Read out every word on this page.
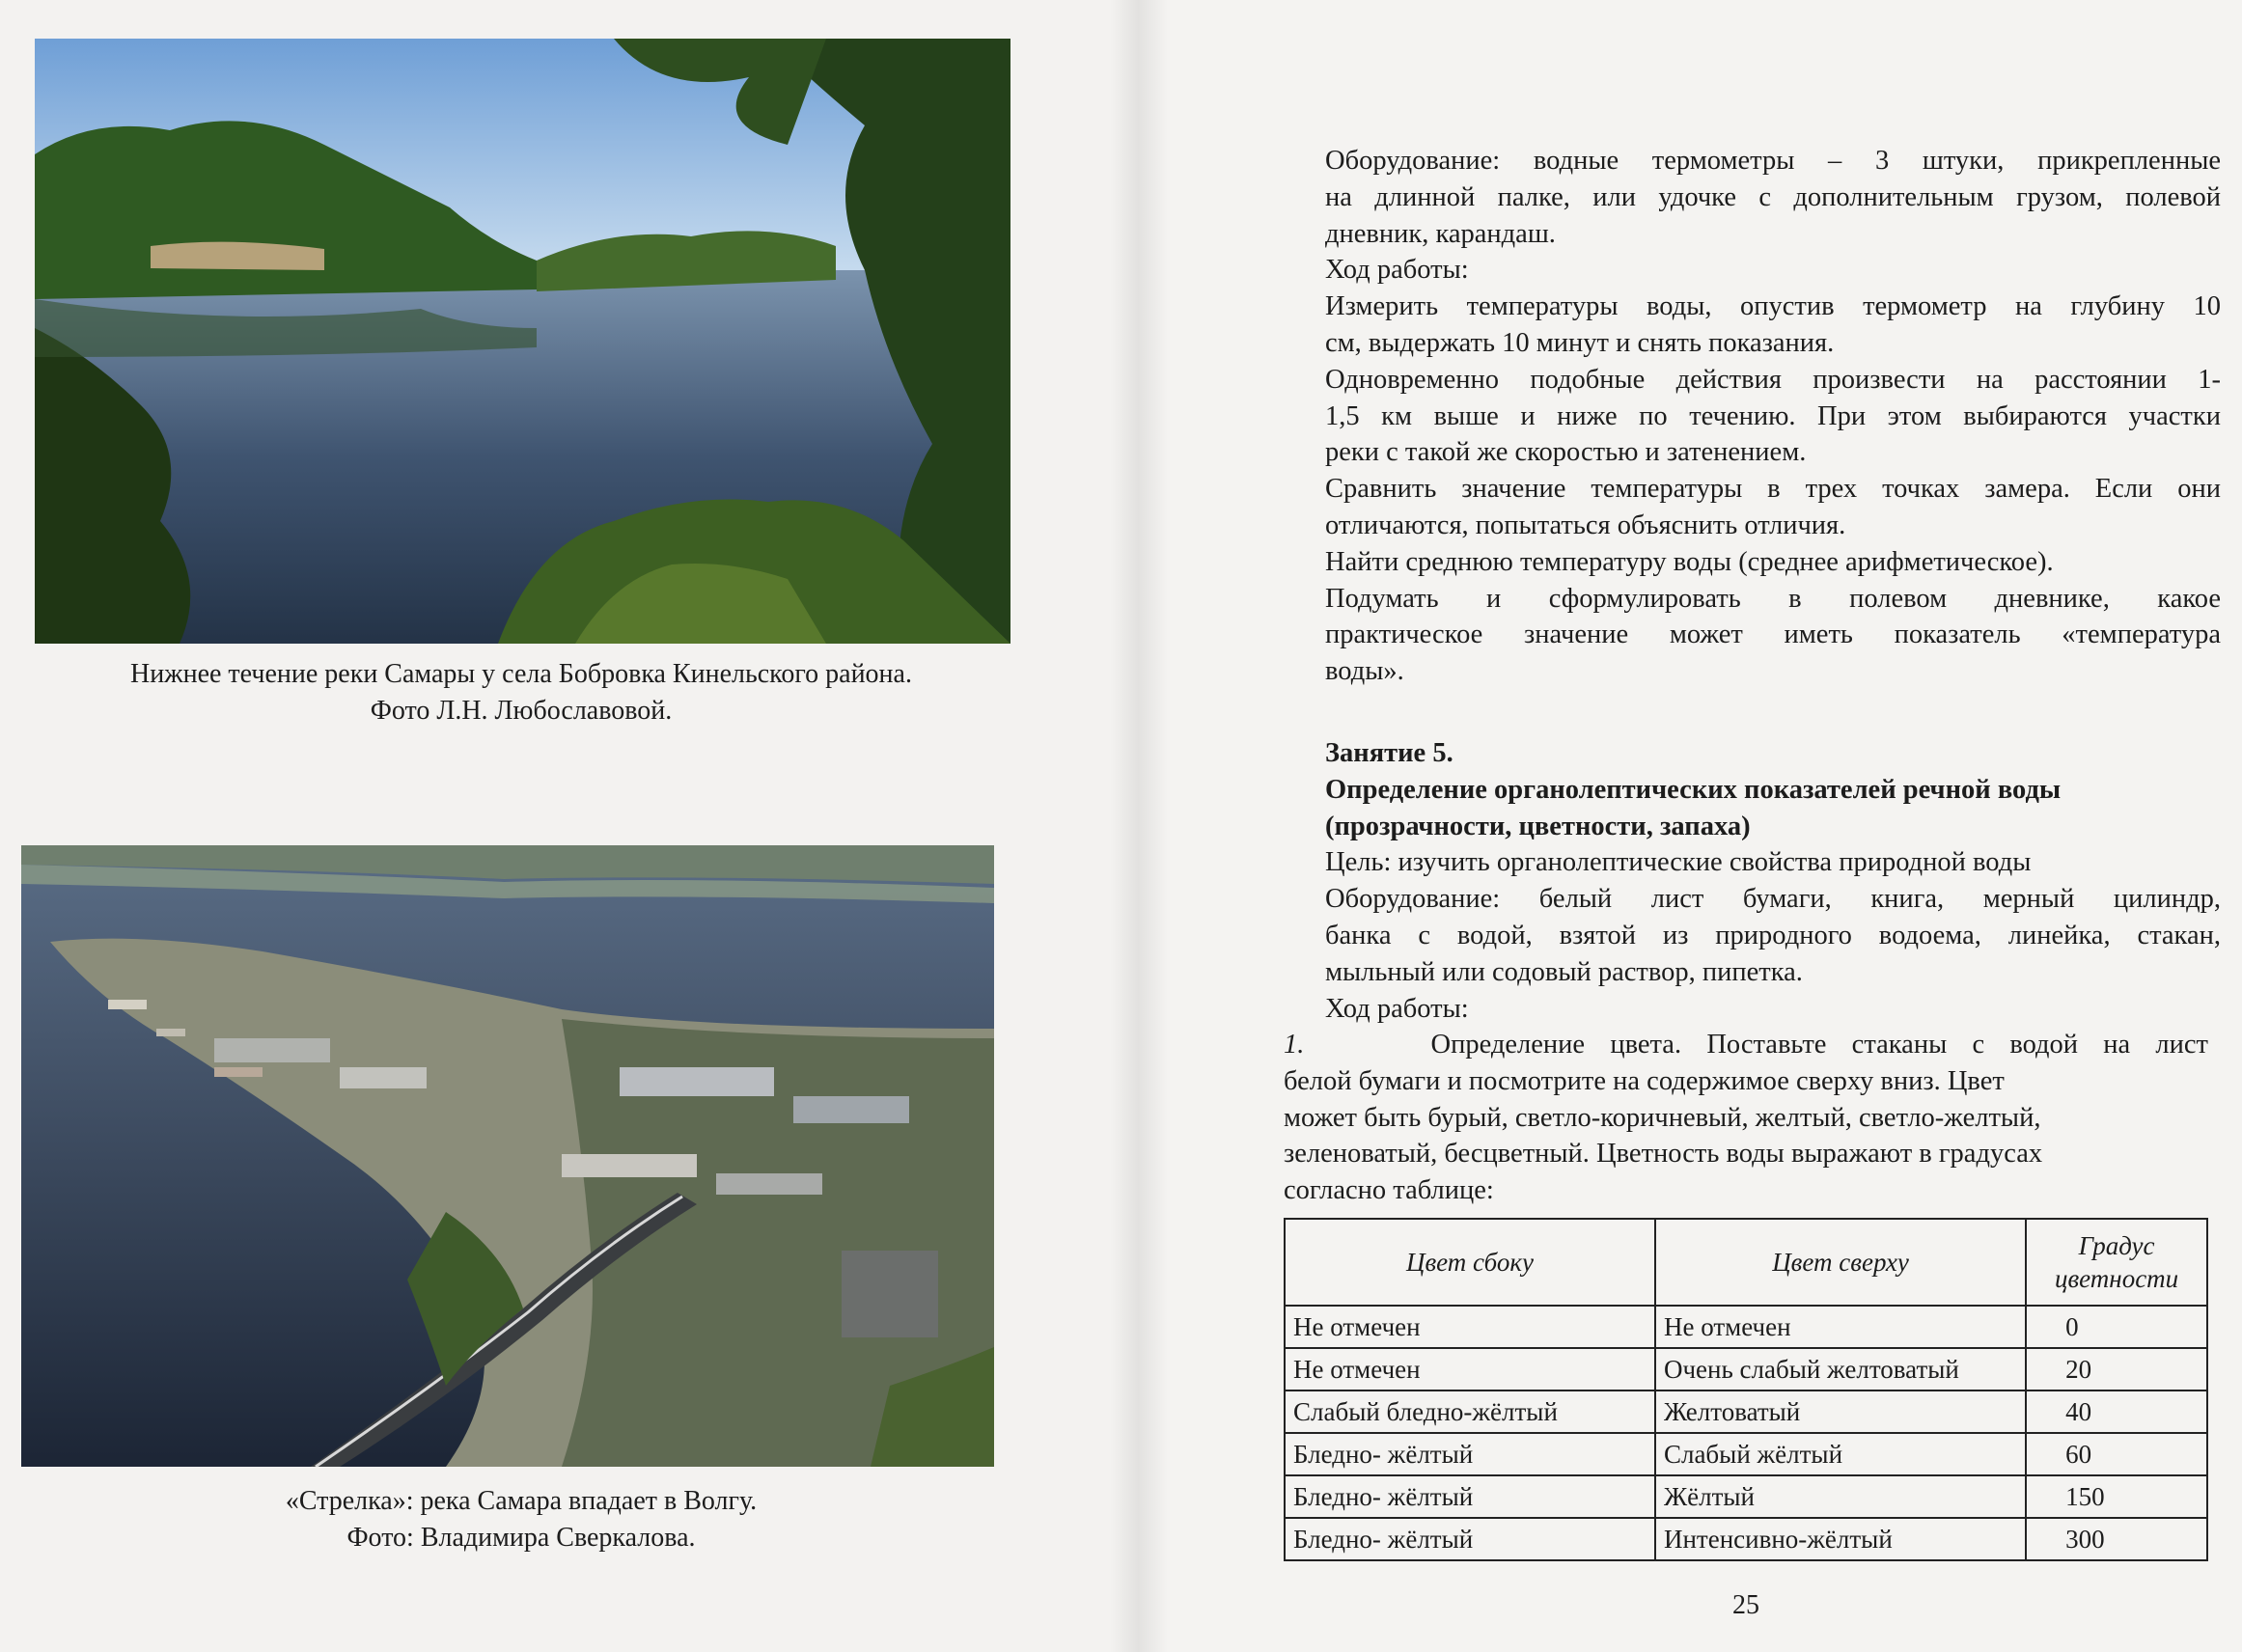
Нижнее течение реки Самары у села Бобровка Кинельского района.
Фото Л.Н. Любославовой.
«Стрелка»: река Самара впадает в Волгу.
Фото: Владимира Сверкалова.
Оборудование: водные термометры – 3 штуки, прикрепленные
на длинной палке, или удочке с дополнительным грузом, полевой
дневник, карандаш.
Ход работы:
Измерить температуры воды, опустив термометр на глубину 10
см, выдержать 10 минут и снять показания.
Одновременно подобные действия произвести на расстоянии 1-
1,5 км выше и ниже по течению. При этом выбираются участки
реки с такой же скоростью и затенением.
Сравнить значение температуры в трех точках замера. Если они
отличаются, попытаться объяснить отличия.
Найти среднюю температуру воды (среднее арифметическое).
Подумать и сформулировать в полевом дневнике, какое
практическое значение может иметь показатель «температура
воды».
Занятие 5.
Определение органолептических показателей речной воды
(прозрачности, цветности, запаха)
Цель: изучить органолептические свойства природной воды
Оборудование: белый лист бумаги, книга, мерный цилиндр,
банка с водой, взятой из природного водоема, линейка, стакан,
мыльный или содовый раствор, пипетка.
Ход работы:
1.	Определение цвета. Поставьте стаканы с водой на лист
белой бумаги и посмотрите на содержимое сверху вниз. Цвет
может быть бурый, светло-коричневый, желтый, светло-желтый,
зеленоватый, бесцветный. Цветность воды выражают в градусах
согласно таблице:
Цвет сбоку	Цвет сверху	Градус цветности
Не отмечен	Не отмечен	0
Не отмечен	Очень слабый желтоватый	20
Слабый бледно-жёлтый	Желтоватый	40
Бледно- жёлтый	Слабый жёлтый	60
Бледно- жёлтый	Жёлтый	150
Бледно- жёлтый	Интенсивно-жёлтый	300
25
